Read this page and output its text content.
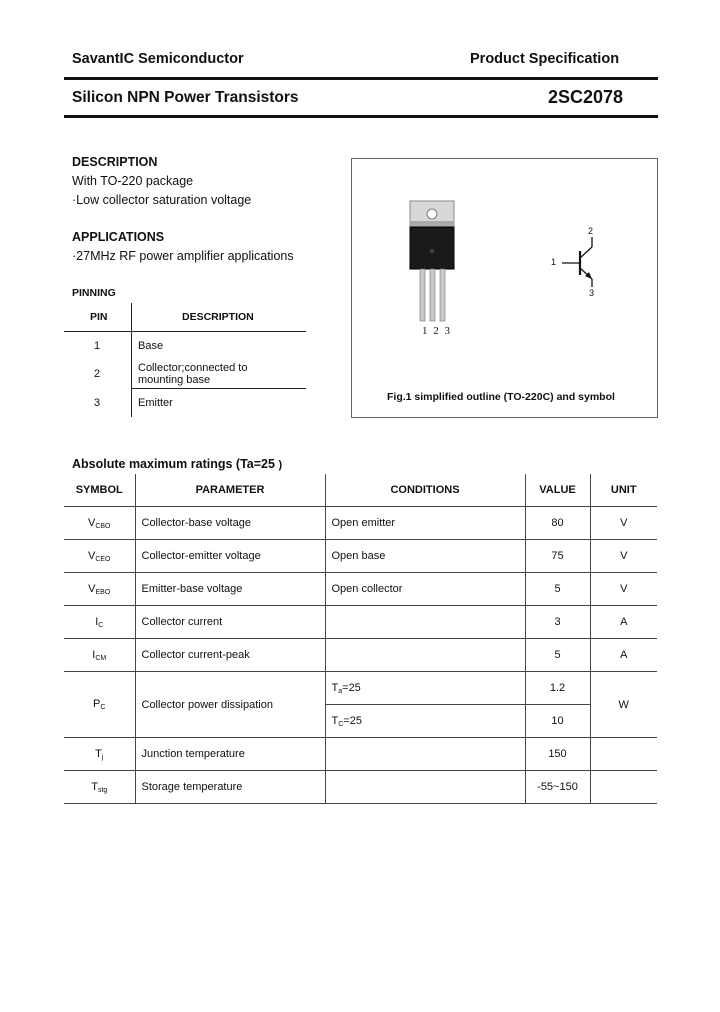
SavantIC Semiconductor	Product Specification
Silicon NPN Power Transistors	2SC2078
DESCRIPTION
With TO-220 package
·Low collector saturation voltage
APPLICATIONS
·27MHz RF power amplifier applications
PINNING
PIN	DESCRIPTION
1	Base
2	Collector;connected to mounting base
3	Emitter
1 2 3
1
2
3
Fig.1 simplified outline (TO-220C) and symbol
Absolute maximum ratings (Ta=25 )
SYMBOL	PARAMETER	CONDITIONS	VALUE	UNIT
$V_{CBO}$	Collector-base voltage	Open emitter	80	V
$V_{CEO}$	Collector-emitter voltage	Open base	75	V
$V_{EBO}$	Emitter-base voltage	Open collector	5	V
$I_C$	Collector current		3	A
$I_{CM}$	Collector current-peak		5	A
$P_C$	Collector power dissipation	$T_a=25$	1.2	W
		$T_C=25$	10	
$T_j$	Junction temperature		150	
$T_{stg}$	Storage temperature		-55~150	
